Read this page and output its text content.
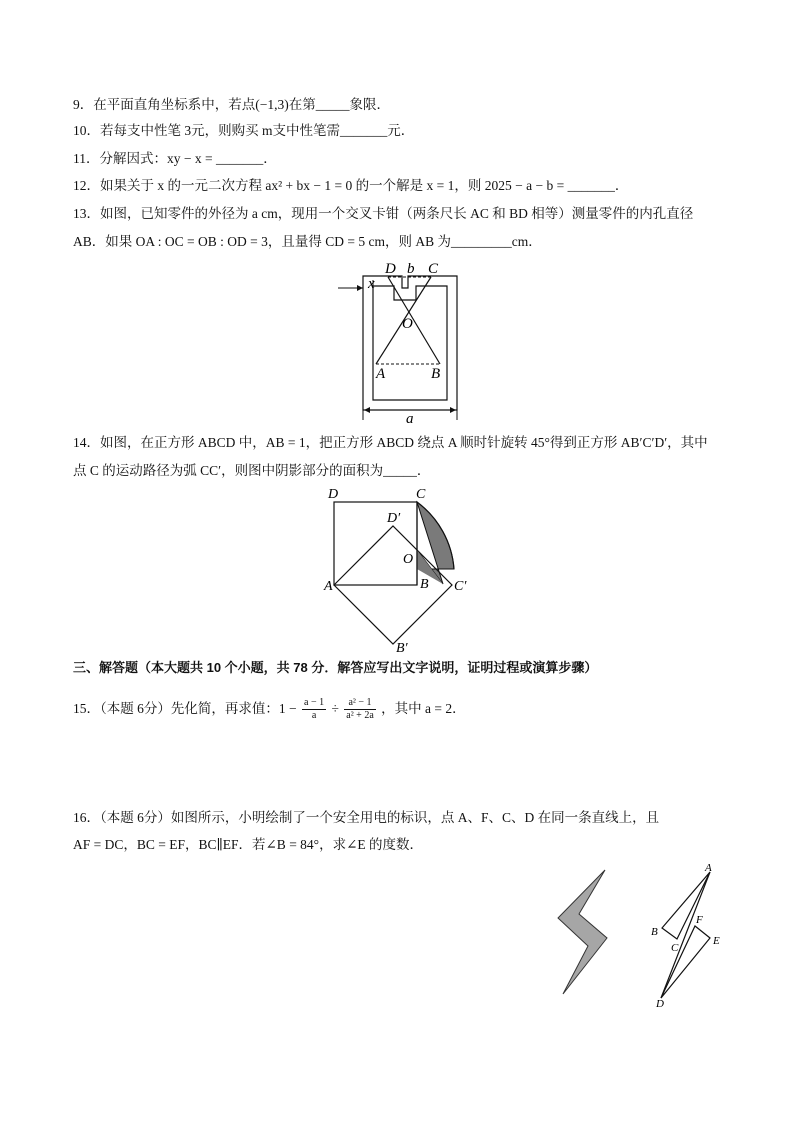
9．在平面直角坐标系中，若点(−1,3)在第_____象限．
10．若每支中性笔 3元，则购买 m支中性笔需_______元．
11．分解因式：xy − x = _______．
12．如果关于 x 的一元二次方程 ax² + bx − 1 = 0 的一个解是 x = 1，则 2025 − a − b = _______．
13．如图，已知零件的外径为 a cm，现用一个交叉卡钳（两条尺长 AC 和 BD 相等）测量零件的内孔直径
AB．如果 OA : OC = OB : OD = 3，且量得 CD = 5 cm，则 AB 为_________cm．
D b C
x
O
A	B
a
14．如图，在正方形 ABCD 中，AB = 1，把正方形 ABCD 绕点 A 顺时针旋转 45°得到正方形 AB′C′D′，其中
点 C 的运动路径为弧 CC′，则图中阴影部分的面积为_____．
D	C
D′
O
A	B C′
B′
三、解答题（本大题共 10 个小题，共 78 分．解答应写出文字说明，证明过程或演算步骤）
15．（本题 6分）先化简，再求值：$1 - \frac{a - 1}{a} \div \frac{\text{a² − 1}}{\text{a² + 2a}}$ ，其中 a = 2．
16．（本题 6分）如图所示，小明绘制了一个安全用电的标识，点 A、F、C、D 在同一条直线上，且
AF = DC，BC = EF，BC∥EF．若∠B = 84°，求∠E 的度数．
A
B
F
C
E
D
